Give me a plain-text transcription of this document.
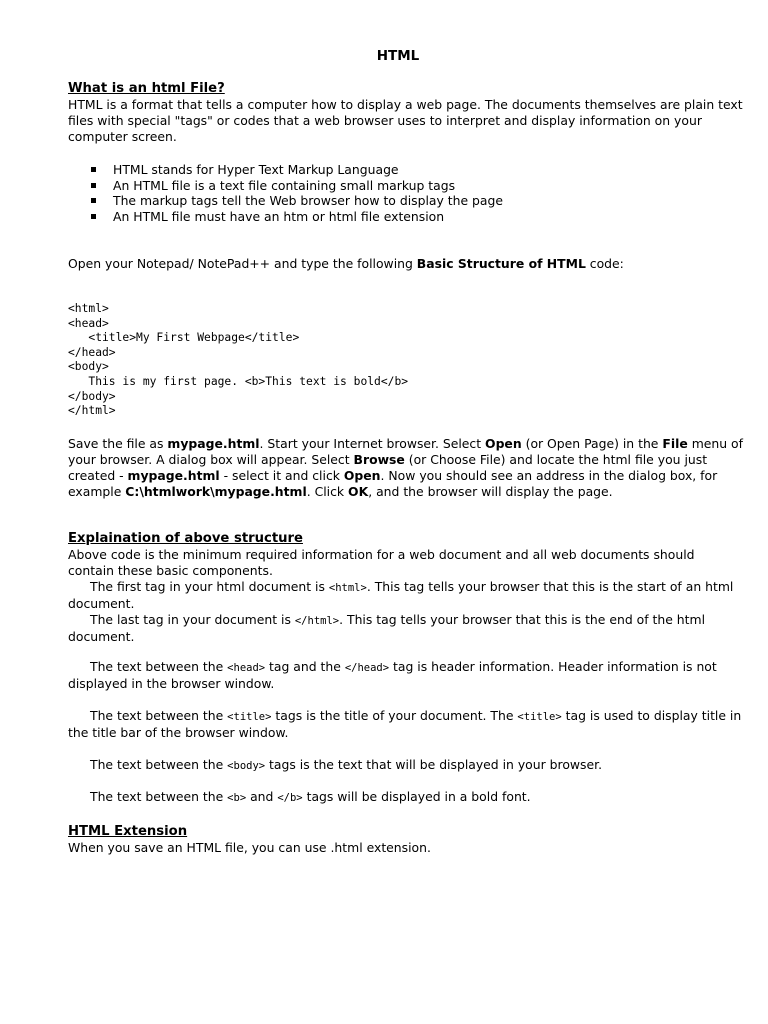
HTML
What is an html File?

HTML is a format that tells a computer how to display a web page. The documents themselves are plain text files with special "tags" or codes that a web browser uses to interpret and display information on your computer screen.

HTML stands for Hyper Text Markup Language
An HTML file is a text file containing small markup tags
The markup tags tell the Web browser how to display the page
An HTML file must have an htm or html file extension

Open your Notepad/ NotePad++ and type the following Basic Structure of HTML code:

<html>
<head>
<title>My First Webpage</title>
</head>
<body>
This is my first page. <b>This text is bold</b>
</body>
</html>

Save the file as mypage.html. Start your Internet browser. Select Open (or Open Page) in the File menu of your browser. A dialog box will appear. Select Browse (or Choose File) and locate the html file you just created - mypage.html - select it and click Open. Now you should see an address in the dialog box, for example C:\htmlwork\mypage.html. Click OK, and the browser will display the page.

Explaination of above structure

Above code is the minimum required information for a web document and all web documents should contain these basic components.

The first tag in your html document is <html>. This tag tells your browser that this is the start of an html document.

The last tag in your document is </html>. This tag tells your browser that this is the end of the html document.

The text between the <head> tag and the </head> tag is header information. Header information is not displayed in the browser window.

The text between the <title> tags is the title of your document. The <title> tag is used to display title in the title bar of the browser window.

The text between the <body> tags is the text that will be displayed in your browser.

The text between the <b> and </b> tags will be displayed in a bold font.

HTML Extension

When you save an HTML file, you can use .html extension.
